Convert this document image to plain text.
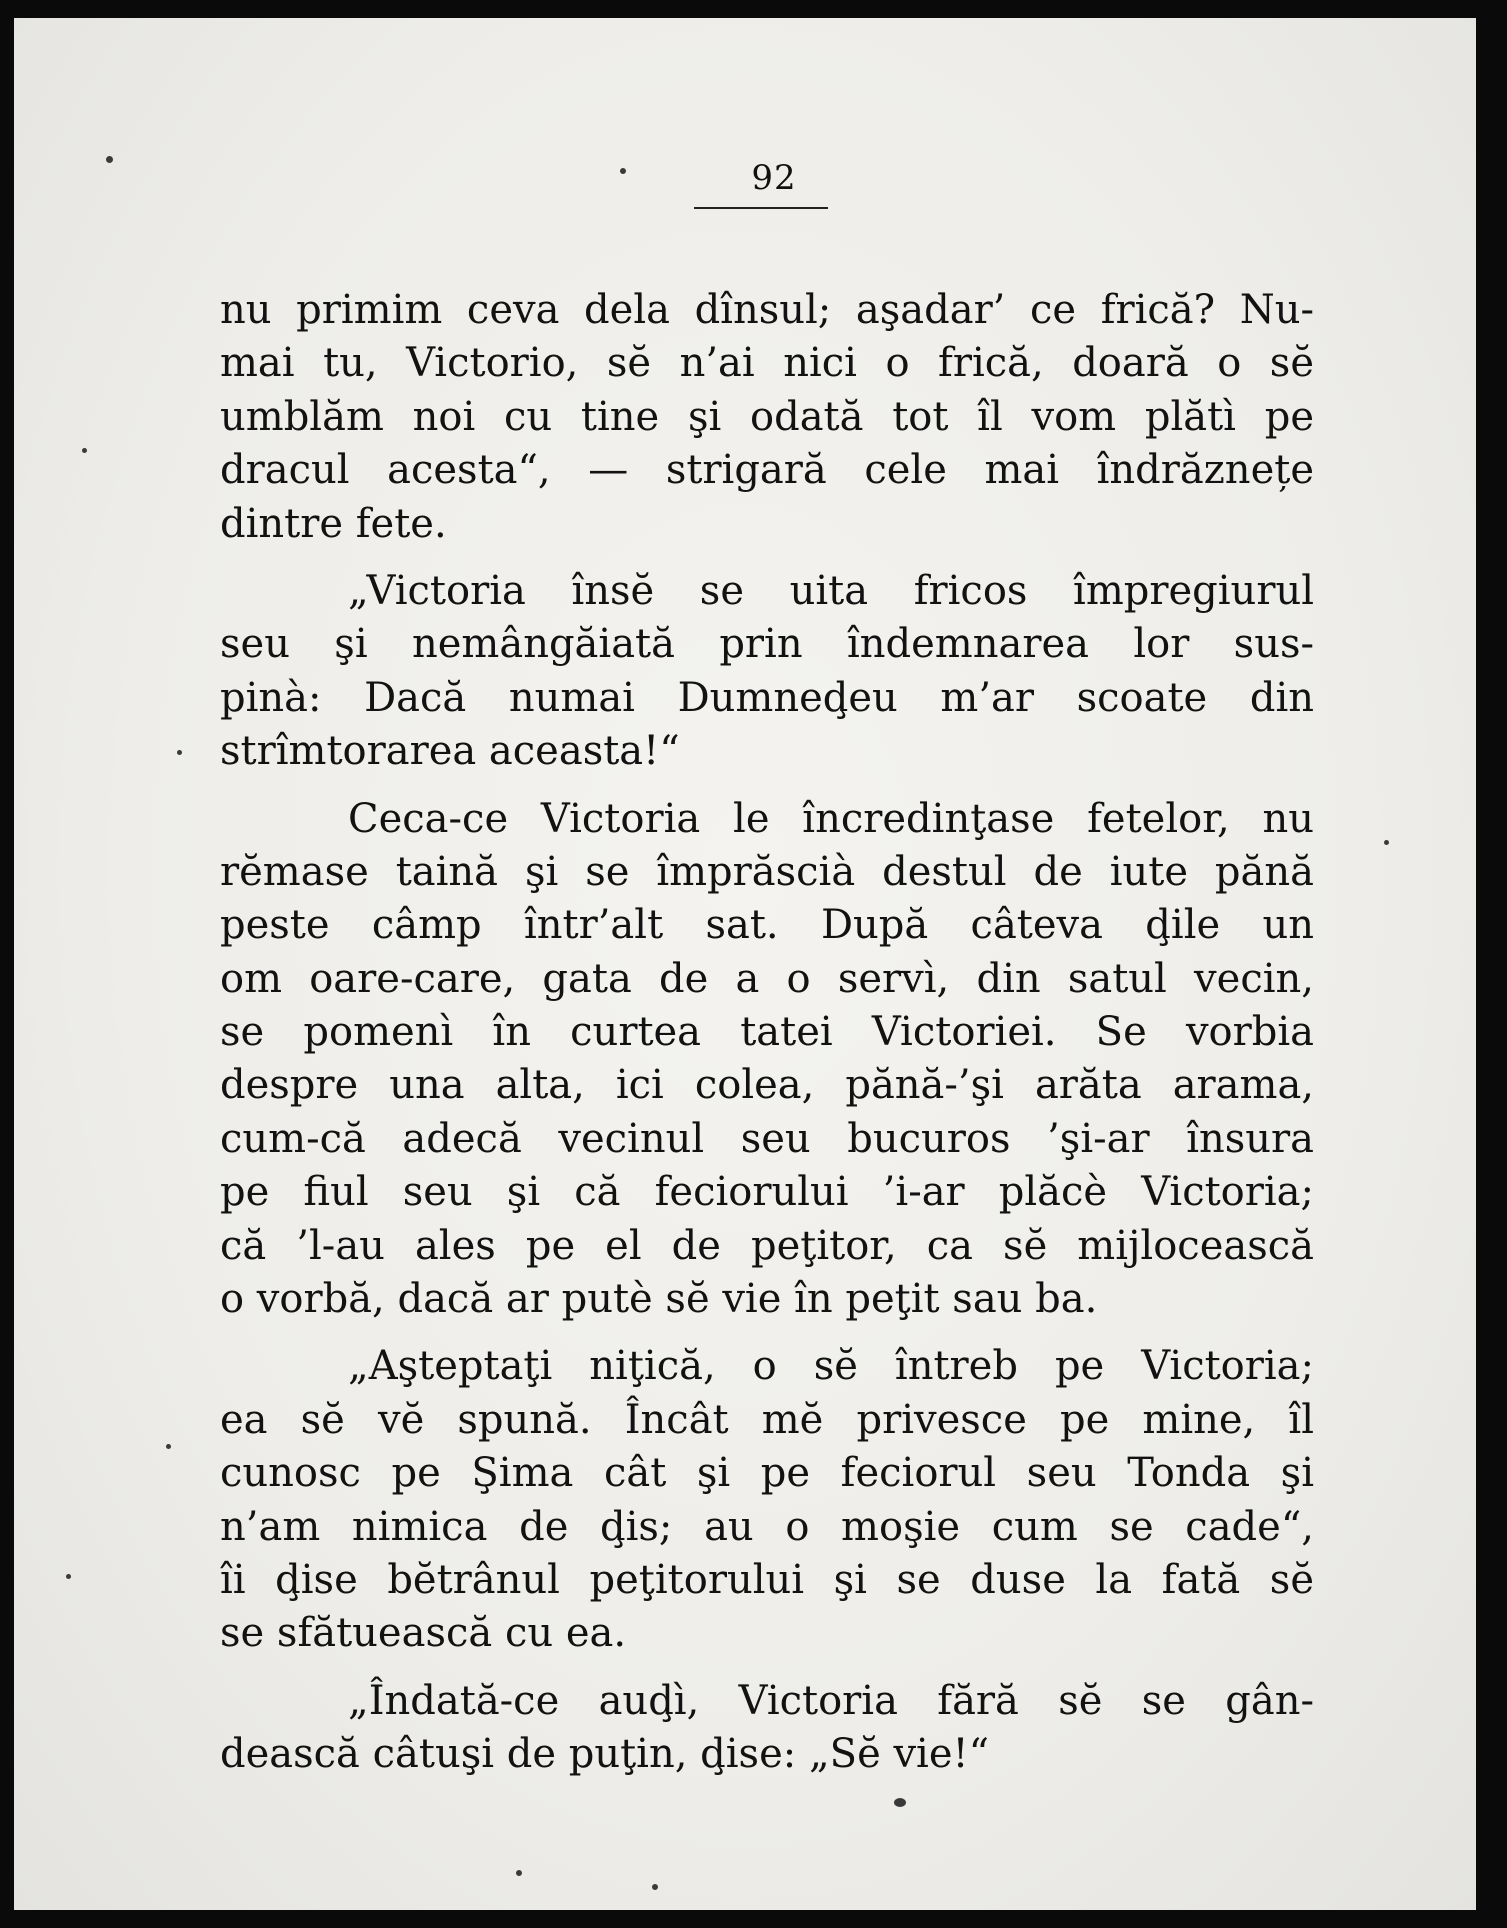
92
nu primim ceva dela dînsul; aşadar’ ce frică? Nu-
mai tu, Victorio, sĕ n’ai nici o frică, doară o sĕ
umblăm noi cu tine şi odată tot îl vom plătì pe
dracul acesta“, — strigară cele mai îndrăznețe
dintre fete.
„Victoria însĕ se uita fricos împregiurul
seu şi nemângăiată prin îndemnarea lor sus-
pinà: Dacă numai Dumneḑeu m’ar scoate din
strîmtorarea aceasta!“
Ceca-ce Victoria le încredinţase fetelor, nu
rĕmase taină şi se împrăscià destul de iute pănă
peste câmp într’alt sat. După câteva ḑile un
om oare-care, gata de a o servì, din satul vecin,
se pomenì în curtea tatei Victoriei. Se vorbia
despre una alta, ici colea, pănă-’şi arăta arama,
cum-că adecă vecinul seu bucuros ’şi-ar însura
pe fiul seu şi că feciorului ’i-ar plăcè Victoria;
că ’l-au ales pe el de peţitor, ca sĕ mijlocească
o vorbă, dacă ar putè sĕ vie în peţit sau ba.
„Aşteptaţi niţică, o sĕ întreb pe Victoria;
ea sĕ vĕ spună. Încât mĕ privesce pe mine, îl
cunosc pe Şima cât şi pe feciorul seu Tonda şi
n’am nimica de ḑis; au o moşie cum se cade“,
îi ḑise bĕtrânul peţitorului şi se duse la fată sĕ
se sfătuească cu ea.
„Îndată-ce auḑì, Victoria fără sĕ se gân-
dească câtuşi de puţin, ḑise: „Sĕ vie!“
